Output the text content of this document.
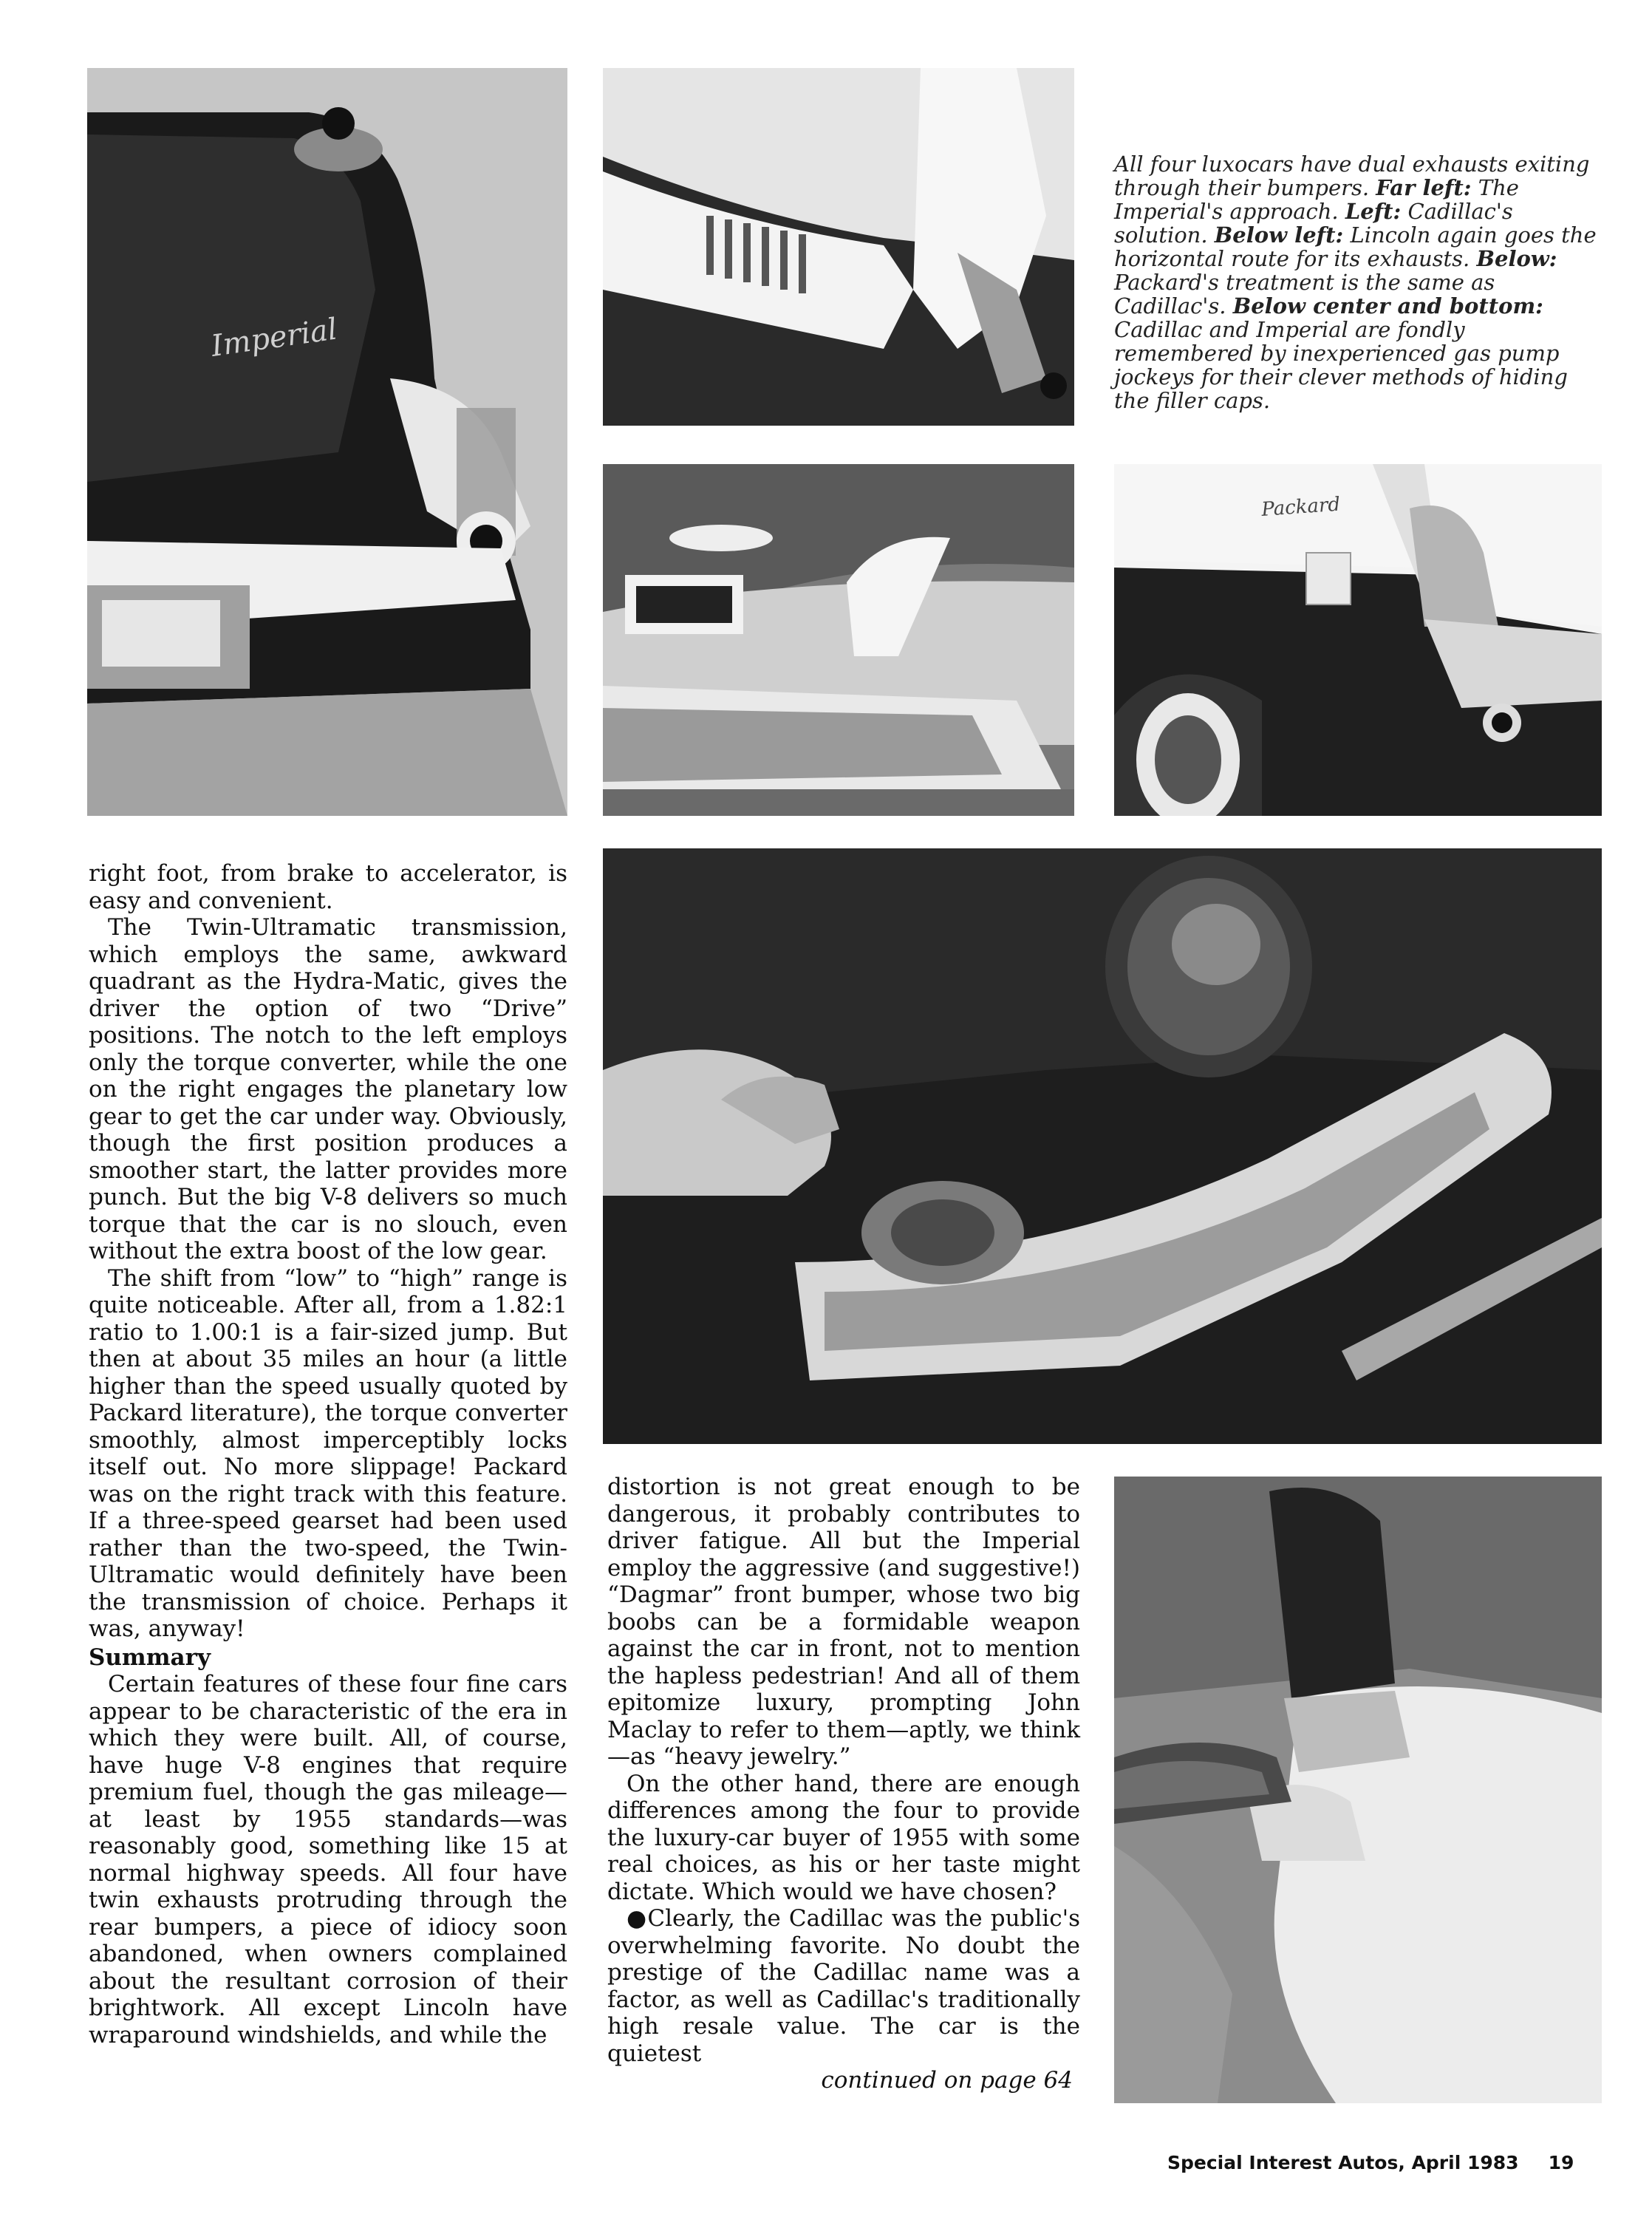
Imperial
All four luxocars have dual exhausts exiting through their bumpers. Far left: The Imperial's approach. Left: Cadillac's solution. Below left: Lincoln again goes the horizontal route for its exhausts. Below: Packard's treatment is the same as Cadillac's. Below center and bottom: Cadillac and Imperial are fondly remembered by inexperienced gas pump jockeys for their clever methods of hiding the filler caps.
Packard

right foot, from brake to accelerator, is easy and convenient.

The Twin-Ultramatic transmission, which employs the same, awkward quadrant as the Hydra-Matic, gives the driver the option of two “Drive” positions. The notch to the left employs only the torque converter, while the one on the right engages the planetary low gear to get the car under way. Obviously, though the first position produces a smoother start, the latter provides more punch. But the big V-8 delivers so much torque that the car is no slouch, even without the extra boost of the low gear.

The shift from “low” to “high” range is quite noticeable. After all, from a 1.82:1 ratio to 1.00:1 is a fair-sized jump. But then at about 35 miles an hour (a little higher than the speed usually quoted by Packard literature), the torque converter smoothly, almost imperceptibly locks itself out. No more slippage! Packard was on the right track with this feature. If a three-speed gearset had been used rather than the two-speed, the Twin-Ultramatic would definitely have been the transmission of choice. Perhaps it was, anyway!

Summary

Certain features of these four fine cars appear to be characteristic of the era in which they were built. All, of course, have huge V-8 engines that require premium fuel, though the gas mileage—at least by 1955 standards—was reasonably good, something like 15 at normal highway speeds. All four have twin exhausts protruding through the rear bumpers, a piece of idiocy soon abandoned, when owners complained about the resultant corrosion of their brightwork. All except Lincoln have wraparound windshields, and while the

distortion is not great enough to be dangerous, it probably contributes to driver fatigue. All but the Imperial employ the aggressive (and suggestive!) “Dagmar” front bumper, whose two big boobs can be a formidable weapon against the car in front, not to mention the hapless pedestrian! And all of them epitomize luxury, prompting John Maclay to refer to them—aptly, we think —as “heavy jewelry.”

On the other hand, there are enough differences among the four to provide the luxury-car buyer of 1955 with some real choices, as his or her taste might dictate. Which would we have chosen?

●Clearly, the Cadillac was the public's overwhelming favorite. No doubt the prestige of the Cadillac name was a factor, as well as Cadillac's traditionally high resale value. The car is the quietest

continued on page 64

Special Interest Autos, April 1983 19
